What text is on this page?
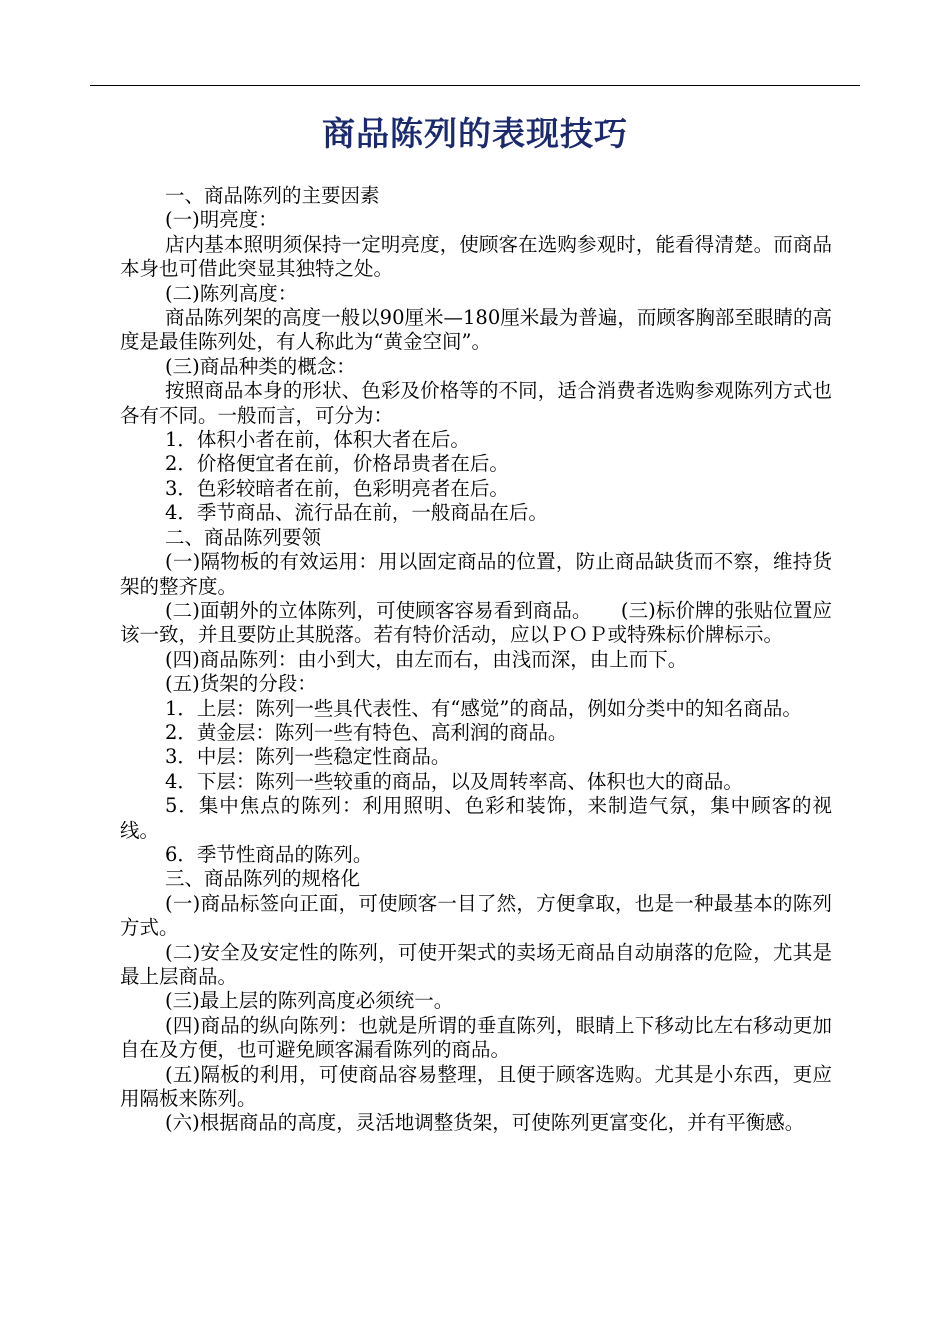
商品陈列的表现技巧

一、商品陈列的主要因素

(一)明亮度：

店内基本照明须保持一定明亮度，使顾客在选购参观时，能看得清楚。而商品本身也可借此突显其独特之处。

(二)陈列高度：

商品陈列架的高度一般以90厘米—180厘米最为普遍，而顾客胸部至眼睛的高度是最佳陈列处，有人称此为“黄金空间”。

(三)商品种类的概念：

按照商品本身的形状、色彩及价格等的不同，适合消费者选购参观陈列方式也各有不同。一般而言，可分为：

1．体积小者在前，体积大者在后。

2．价格便宜者在前，价格昂贵者在后。

3．色彩较暗者在前，色彩明亮者在后。

4．季节商品、流行品在前，一般商品在后。

二、商品陈列要领

(一)隔物板的有效运用：用以固定商品的位置，防止商品缺货而不察，维持货架的整齐度。

(二)面朝外的立体陈列，可使顾客容易看到商品。　　(三)标价牌的张贴位置应该一致，并且要防止其脱落。若有特价活动，应以ＰＯＰ或特殊标价牌标示。

(四)商品陈列：由小到大，由左而右，由浅而深，由上而下。

(五)货架的分段：

1．上层：陈列一些具代表性、有“感觉”的商品，例如分类中的知名商品。

2．黄金层：陈列一些有特色、高利润的商品。

3．中层：陈列一些稳定性商品。

4．下层：陈列一些较重的商品，以及周转率高、体积也大的商品。

5．集中焦点的陈列：利用照明、色彩和装饰，来制造气氛，集中顾客的视线。

6．季节性商品的陈列。

三、商品陈列的规格化

(一)商品标签向正面，可使顾客一目了然，方便拿取，也是一种最基本的陈列方式。

(二)安全及安定性的陈列，可使开架式的卖场无商品自动崩落的危险，尤其是最上层商品。

(三)最上层的陈列高度必须统一。

(四)商品的纵向陈列：也就是所谓的垂直陈列，眼睛上下移动比左右移动更加自在及方便，也可避免顾客漏看陈列的商品。

(五)隔板的利用，可使商品容易整理，且便于顾客选购。尤其是小东西，更应用隔板来陈列。

(六)根据商品的高度，灵活地调整货架，可使陈列更富变化，并有平衡感。
